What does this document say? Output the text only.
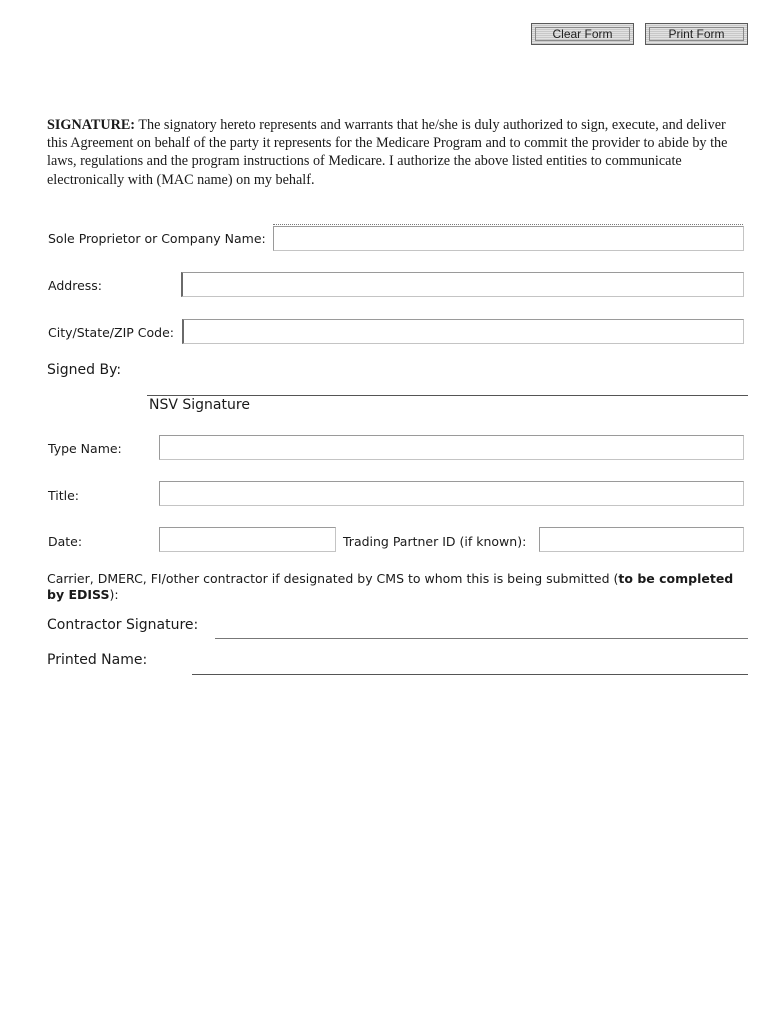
Clear Form	Print Form

SIGNATURE: The signatory hereto represents and warrants that he/she is duly authorized to sign, execute, and deliver this Agreement on behalf of the party it represents for the Medicare Program and to commit the provider to abide by the laws, regulations and the program instructions of Medicare. I authorize the above listed entities to communicate electronically with (MAC name) on my behalf.

Sole Proprietor or Company Name:
Address:
City/State/ZIP Code:
Signed By:
NSV Signature
Type Name:
Title:
Date:	Trading Partner ID (if known):
Carrier, DMERC, FI/other contractor if designated by CMS to whom this is being submitted (to be completed by EDISS):
Contractor Signature:
Printed Name:
